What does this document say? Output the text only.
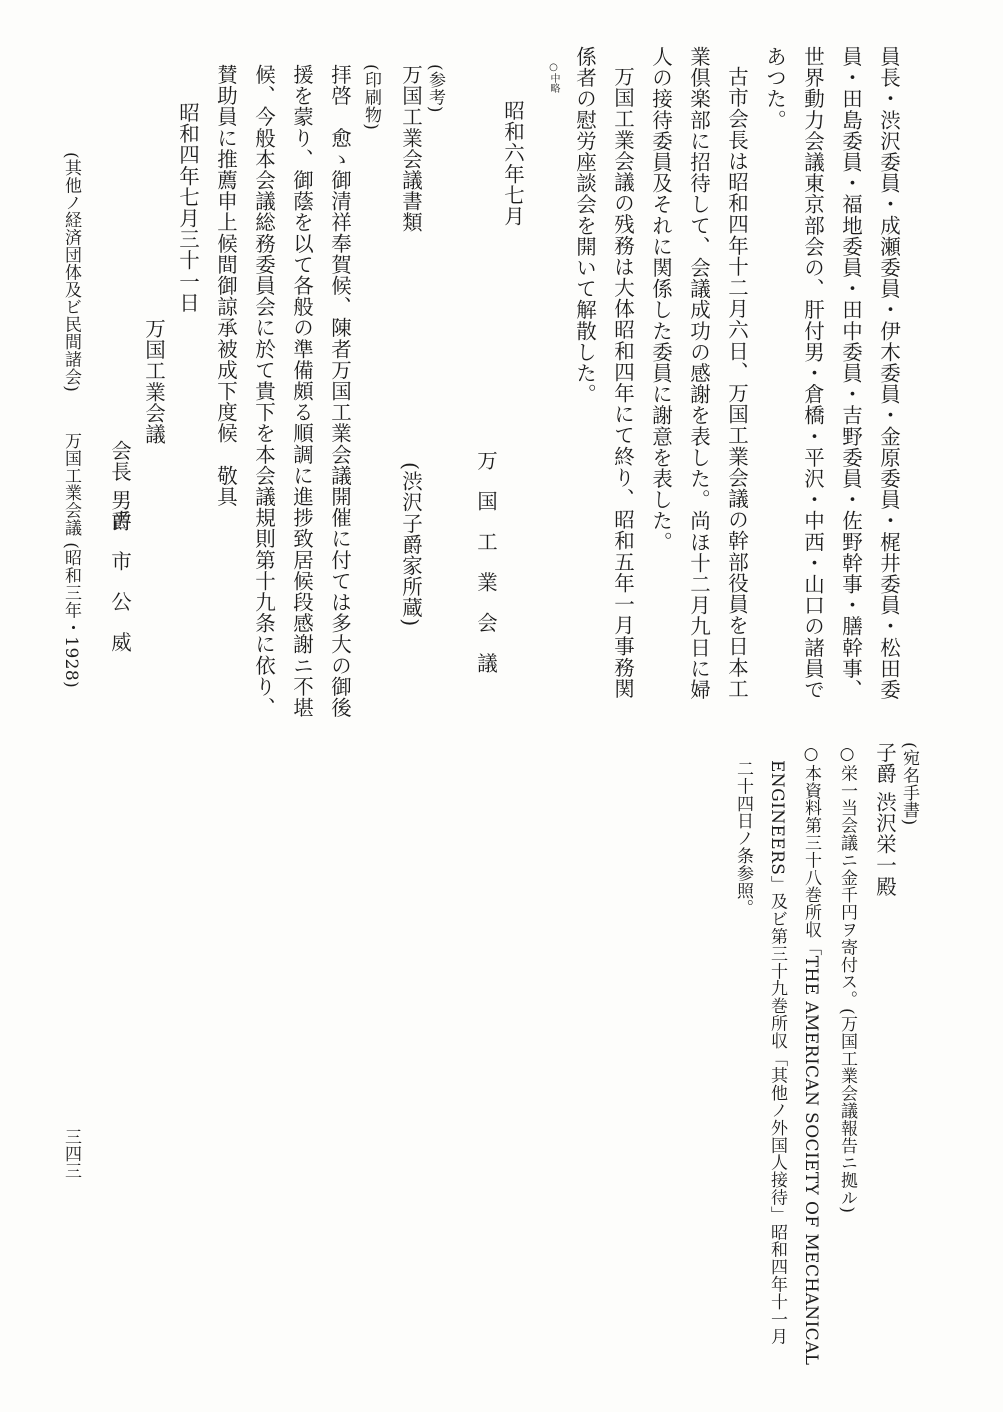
員長・渋沢委員・成瀬委員・伊木委員・金原委員・梶井委員・松田委
員・田島委員・福地委員・田中委員・吉野委員・佐野幹事・膳幹事、
世界動力会議東京部会の、肝付男・倉橋・平沢・中西・山口の諸員で
あつた。
古市会長は昭和四年十二月六日、万国工業会議の幹部役員を日本工
業倶楽部に招待して、会議成功の感謝を表した。尚ほ十二月九日に婦
人の接待委員及それに関係した委員に謝意を表した。
万国工業会議の残務は大体昭和四年にて終り、昭和五年一月事務関
係者の慰労座談会を開いて解散した。
○中略
昭和六年七月
万国工業会議
(参考)
万国工業会議書類
(渋沢子爵家所蔵)
(印刷物)
拝啓　愈ゝ御清祥奉賀候、陳者万国工業会議開催に付ては多大の御後
援を蒙り、御蔭を以て各般の準備頗る順調に進捗致居候段感謝ニ不堪
候、今般本会議総務委員会に於て貴下を本会議規則第十九条に依り、
賛助員に推薦申上候間御諒承被成下度候　敬具
昭和四年七月三十一日
万国工業会議
会長 男爵
古市公威
(其他ノ経済団体及ビ民間諸会)
万国工業会議 (昭和三年・1928)
(宛名手書)
子爵 渋沢栄一殿
○栄一当会議ニ金千円ヲ寄付ス。(万国工業会議報告ニ拠ル)
○本資料第三十八巻所収「THE AMERICAN SOCIETY OF MECHANICAL
ENGINEERS」及ビ第三十九巻所収「其他ノ外国人接待」昭和四年十一月
二十四日ノ条参照。
三四三
